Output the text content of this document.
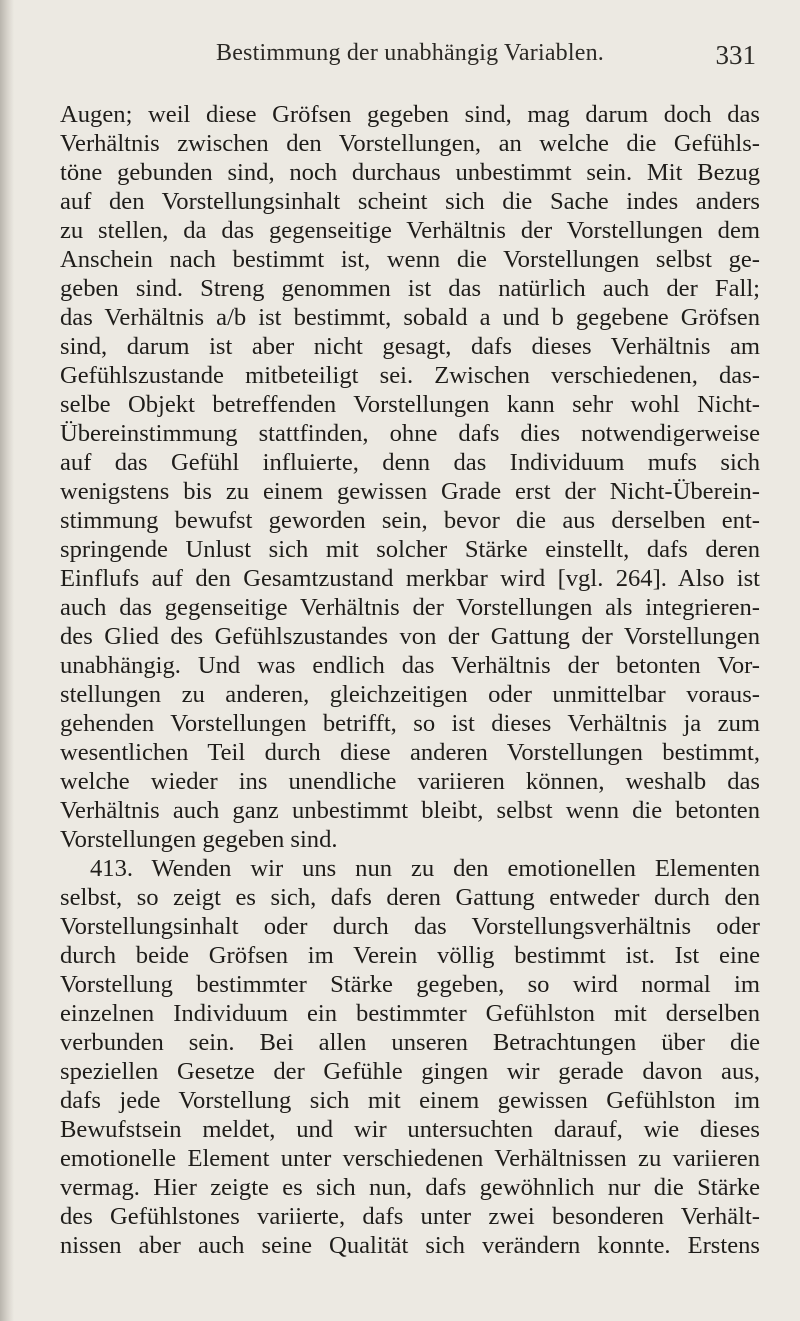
Bestimmung der unabhängig Variablen.	331
Augen; weil diese Gröfsen gegeben sind, mag darum doch das
Verhältnis zwischen den Vorstellungen, an welche die Gefühls-
töne gebunden sind, noch durchaus unbestimmt sein. Mit Bezug
auf den Vorstellungsinhalt scheint sich die Sache indes anders
zu stellen, da das gegenseitige Verhältnis der Vorstellungen dem
Anschein nach bestimmt ist, wenn die Vorstellungen selbst ge-
geben sind. Streng genommen ist das natürlich auch der Fall;
das Verhältnis a/b ist bestimmt, sobald a und b gegebene Gröfsen
sind, darum ist aber nicht gesagt, dafs dieses Verhältnis am
Gefühlszustande mitbeteiligt sei. Zwischen verschiedenen, das-
selbe Objekt betreffenden Vorstellungen kann sehr wohl Nicht-
Übereinstimmung stattfinden, ohne dafs dies notwendigerweise
auf das Gefühl influierte, denn das Individuum mufs sich
wenigstens bis zu einem gewissen Grade erst der Nicht-Überein-
stimmung bewufst geworden sein, bevor die aus derselben ent-
springende Unlust sich mit solcher Stärke einstellt, dafs deren
Einflufs auf den Gesamtzustand merkbar wird [vgl. 264]. Also ist
auch das gegenseitige Verhältnis der Vorstellungen als integrieren-
des Glied des Gefühlszustandes von der Gattung der Vorstellungen
unabhängig. Und was endlich das Verhältnis der betonten Vor-
stellungen zu anderen, gleichzeitigen oder unmittelbar voraus-
gehenden Vorstellungen betrifft, so ist dieses Verhältnis ja zum
wesentlichen Teil durch diese anderen Vorstellungen bestimmt,
welche wieder ins unendliche variieren können, weshalb das
Verhältnis auch ganz unbestimmt bleibt, selbst wenn die betonten
Vorstellungen gegeben sind.
413. Wenden wir uns nun zu den emotionellen Elementen
selbst, so zeigt es sich, dafs deren Gattung entweder durch den
Vorstellungsinhalt oder durch das Vorstellungsverhältnis oder
durch beide Gröfsen im Verein völlig bestimmt ist. Ist eine
Vorstellung bestimmter Stärke gegeben, so wird normal im
einzelnen Individuum ein bestimmter Gefühlston mit derselben
verbunden sein. Bei allen unseren Betrachtungen über die
speziellen Gesetze der Gefühle gingen wir gerade davon aus,
dafs jede Vorstellung sich mit einem gewissen Gefühlston im
Bewufstsein meldet, und wir untersuchten darauf, wie dieses
emotionelle Element unter verschiedenen Verhältnissen zu variieren
vermag. Hier zeigte es sich nun, dafs gewöhnlich nur die Stärke
des Gefühlstones variierte, dafs unter zwei besonderen Verhält-
nissen aber auch seine Qualität sich verändern konnte. Erstens
